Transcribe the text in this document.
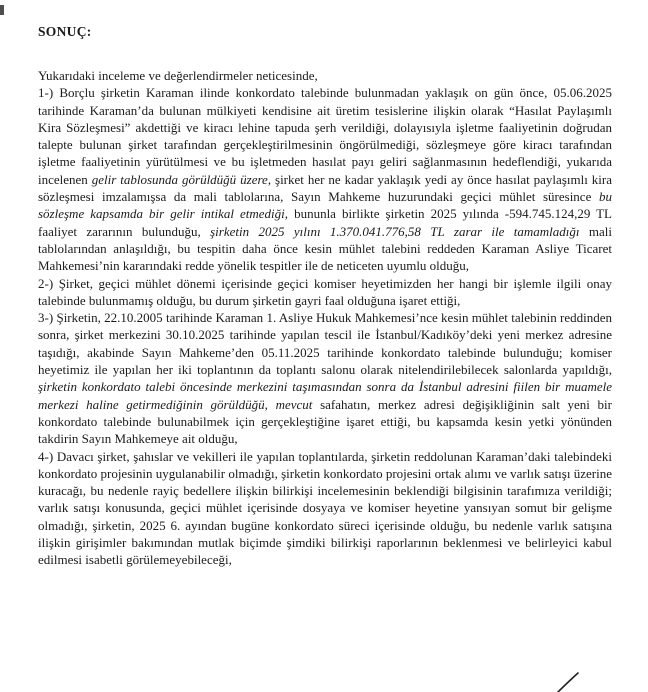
SONUÇ:

Yukarıdaki inceleme ve değerlendirmeler neticesinde,

1-) Borçlu şirketin Karaman ilinde konkordato talebinde bulunmadan yaklaşık on gün önce, 05.06.2025 tarihinde Karaman’da bulunan mülkiyeti kendisine ait üretim tesislerine ilişkin olarak “Hasılat Paylaşımlı Kira Sözleşmesi” akdettiği ve kiracı lehine tapuda şerh verildiği, dolayısıyla işletme faaliyetinin doğrudan talepte bulunan şirket tarafından gerçekleştirilmesinin öngörülmediği, sözleşmeye göre kiracı tarafından işletme faaliyetinin yürütülmesi ve bu işletmeden hasılat payı geliri sağlanmasının hedeflendiği, yukarıda incelenen gelir tablosunda görüldüğü üzere, şirket her ne kadar yaklaşık yedi ay önce hasılat paylaşımlı kira sözleşmesi imzalamışsa da mali tablolarına, Sayın Mahkeme huzurundaki geçici mühlet süresince bu sözleşme kapsamda bir gelir intikal etmediği, bununla birlikte şirketin 2025 yılında -594.745.124,29 TL faaliyet zararının bulunduğu, şirketin 2025 yılını 1.370.041.776,58 TL zarar ile tamamladığı mali tablolarından anlaşıldığı, bu tespitin daha önce kesin mühlet talebini reddeden Karaman Asliye Ticaret Mahkemesi’nin kararındaki redde yönelik tespitler ile de neticeten uyumlu olduğu,

2-) Şirket, geçici mühlet dönemi içerisinde geçici komiser heyetimizden her hangi bir işlemle ilgili onay talebinde bulunmamış olduğu, bu durum şirketin gayri faal olduğuna işaret ettiği,

3-) Şirketin, 22.10.2005 tarihinde Karaman 1. Asliye Hukuk Mahkemesi’nce kesin mühlet talebinin reddinden sonra, şirket merkezini 30.10.2025 tarihinde yapılan tescil ile İstanbul/Kadıköy’deki yeni merkez adresine taşıdığı, akabinde Sayın Mahkeme’den 05.11.2025 tarihinde konkordato talebinde bulunduğu; komiser heyetimiz ile yapılan her iki toplantının da toplantı salonu olarak nitelendirilebilecek salonlarda yapıldığı, şirketin konkordato talebi öncesinde merkezini taşımasından sonra da İstanbul adresini fiilen bir muamele merkezi haline getirmediğinin görüldüğü, mevcut safahatın, merkez adresi değişikliğinin salt yeni bir konkordato talebinde bulunabilmek için gerçekleştiğine işaret ettiği, bu kapsamda kesin yetki yönünden takdirin Sayın Mahkemeye ait olduğu,

4-) Davacı şirket, şahıslar ve vekilleri ile yapılan toplantılarda, şirketin reddolunan Karaman’daki talebindeki konkordato projesinin uygulanabilir olmadığı, şirketin konkordato projesini ortak alımı ve varlık satışı üzerine kuracağı, bu nedenle rayiç bedellere ilişkin bilirkişi incelemesinin beklendiği bilgisinin tarafımıza verildiği; varlık satışı konusunda, geçici mühlet içerisinde dosyaya ve komiser heyetine yansıyan somut bir gelişme olmadığı, şirketin, 2025 6. ayından bugüne konkordato süreci içerisinde olduğu, bu nedenle varlık satışına ilişkin girişimler bakımından mutlak biçimde şimdiki bilirkişi raporlarının beklenmesi ve belirleyici kabul edilmesi isabetli görülemeyebileceği,
